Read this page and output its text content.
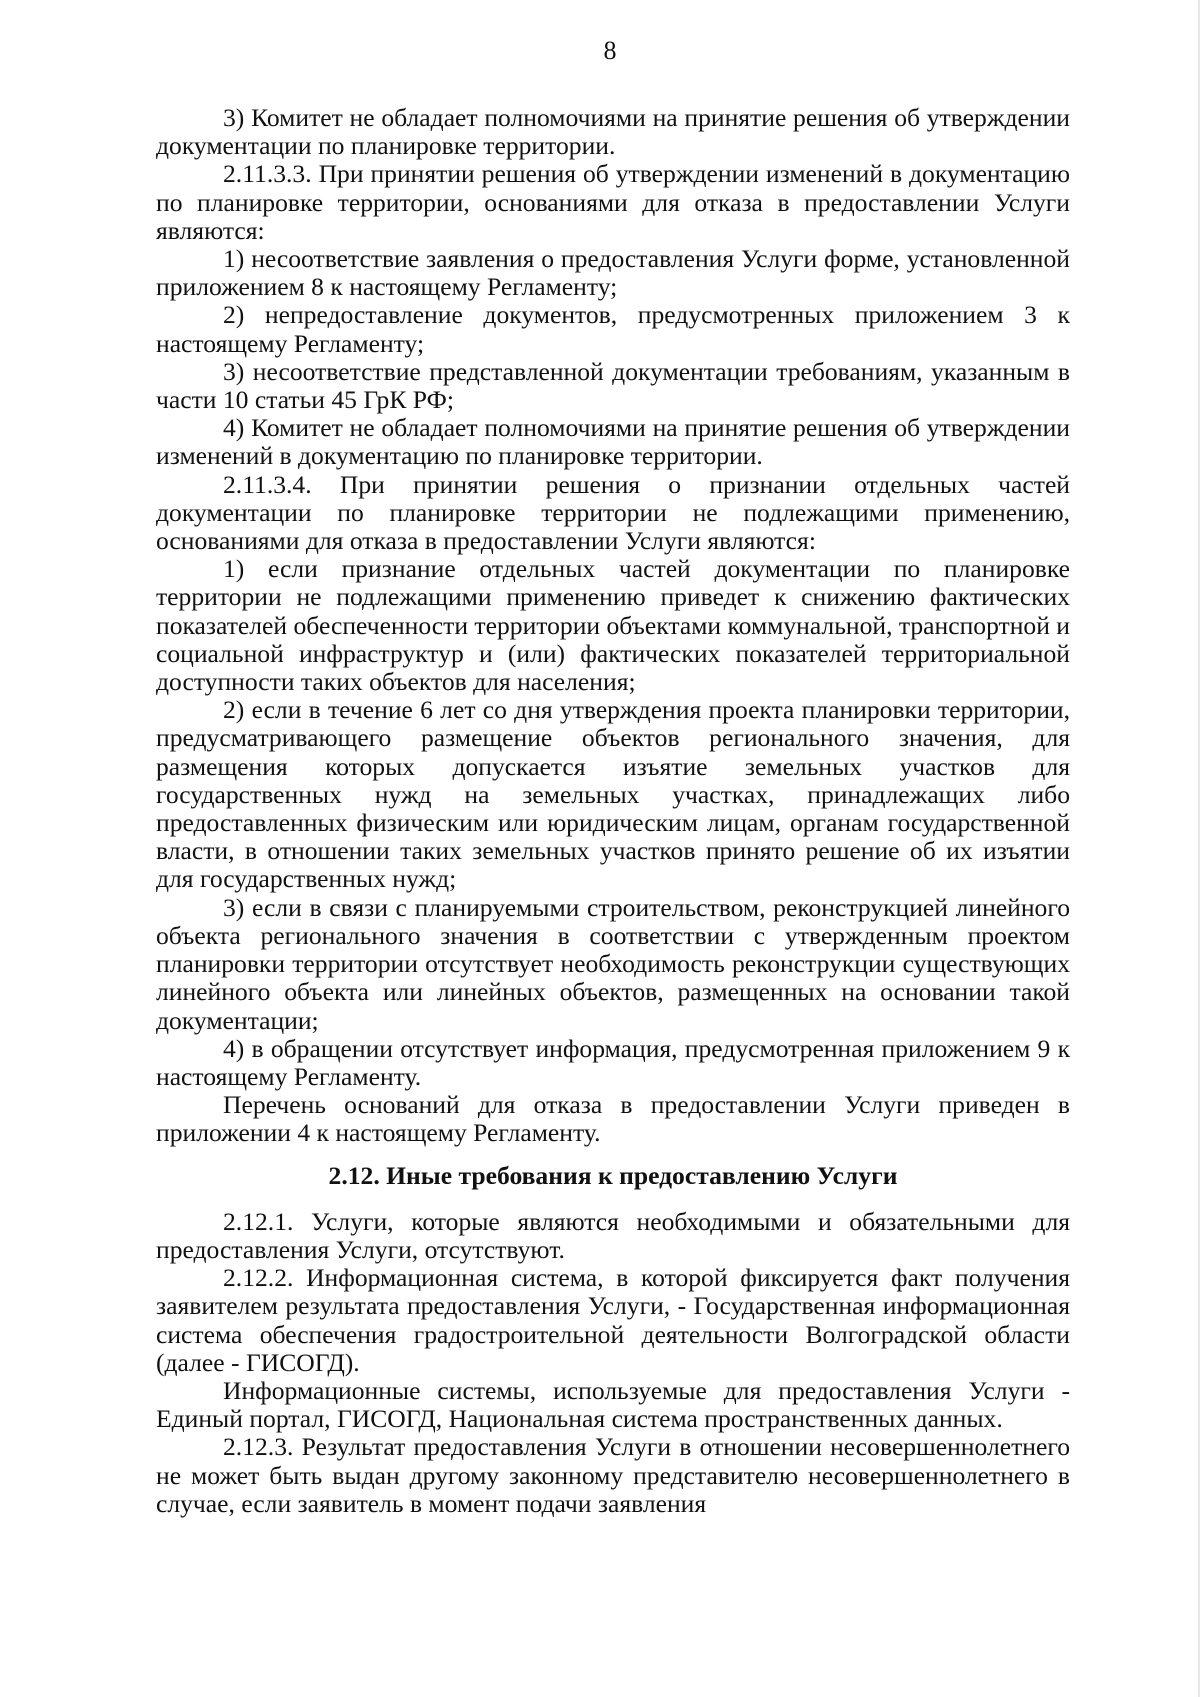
8

3) Комитет не обладает полномочиями на принятие решения об утверждении документации по планировке территории.

2.11.3.3. При принятии решения об утверждении изменений в документацию по планировке территории, основаниями для отказа в предоставлении Услуги являются:

1) несоответствие заявления о предоставления Услуги форме, установленной приложением 8 к настоящему Регламенту;

2) непредоставление документов, предусмотренных приложением 3 к настоящему Регламенту;

3) несоответствие представленной документации требованиям, указанным в части 10 статьи 45 ГрК РФ;

4) Комитет не обладает полномочиями на принятие решения об утверждении изменений в документацию по планировке территории.

2.11.3.4. При принятии решения о признании отдельных частей документации по планировке территории не подлежащими применению, основаниями для отказа в предоставлении Услуги являются:

1) если признание отдельных частей документации по планировке территории не подлежащими применению приведет к снижению фактических показателей обеспеченности территории объектами коммунальной, транспортной и социальной инфраструктур и (или) фактических показателей территориальной доступности таких объектов для населения;

2) если в течение 6 лет со дня утверждения проекта планировки территории, предусматривающего размещение объектов регионального значения, для размещения которых допускается изъятие земельных участков для государственных нужд на земельных участках, принадлежащих либо предоставленных физическим или юридическим лицам, органам государственной власти, в отношении таких земельных участков принято решение об их изъятии для государственных нужд;

3) если в связи с планируемыми строительством, реконструкцией линейного объекта регионального значения в соответствии с утвержденным проектом планировки территории отсутствует необходимость реконструкции существующих линейного объекта или линейных объектов, размещенных на основании такой документации;

4) в обращении отсутствует информация, предусмотренная приложением 9 к настоящему Регламенту.

Перечень оснований для отказа в предоставлении Услуги приведен в приложении 4 к настоящему Регламенту.

2.12. Иные требования к предоставлению Услуги

2.12.1. Услуги, которые являются необходимыми и обязательными для предоставления Услуги, отсутствуют.

2.12.2. Информационная система, в которой фиксируется факт получения заявителем результата предоставления Услуги, - Государственная информационная система обеспечения градостроительной деятельности Волгоградской области (далее - ГИСОГД).

Информационные системы, используемые для предоставления Услуги - Единый портал, ГИСОГД, Национальная система пространственных данных.

2.12.3. Результат предоставления Услуги в отношении несовершеннолетнего не может быть выдан другому законному представителю несовершеннолетнего в случае, если заявитель в момент подачи заявления
